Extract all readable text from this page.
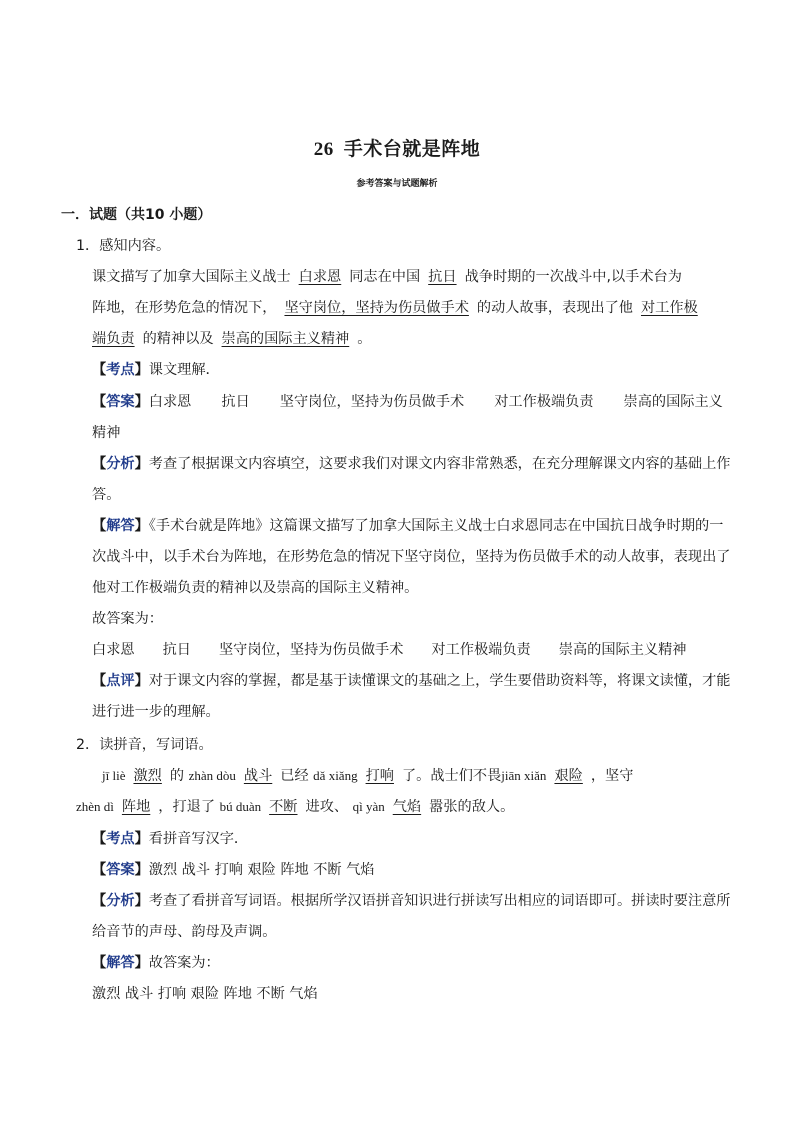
26 手术台就是阵地
参考答案与试题解析
一．试题（共10 小题）
1．感知内容。
课文描写了加拿大国际主义战士 白求恩 同志在中国 抗日 战争时期的一次战斗中,以手术台为
阵地，在形势危急的情况下， 坚守岗位，坚持为伤员做手术 的动人故事，表现出了他 对工作极
端负责 的精神以及 崇高的国际主义精神 。
【考点】课文理解．
【答案】白求恩 抗日 坚守岗位，坚持为伤员做手术 对工作极端负责 崇高的国际主义
精神
【分析】考查了根据课文内容填空，这要求我们对课文内容非常熟悉，在充分理解课文内容的基础上作
答。
【解答】《手术台就是阵地》这篇课文描写了加拿大国际主义战士白求恩同志在中国抗日战争时期的一
次战斗中，以手术台为阵地，在形势危急的情况下坚守岗位，坚持为伤员做手术的动人故事，表现出了
他对工作极端负责的精神以及崇高的国际主义精神。
故答案为：
白求恩 抗日 坚守岗位，坚持为伤员做手术 对工作极端负责 崇高的国际主义精神
【点评】对于课文内容的掌握，都是基于读懂课文的基础之上，学生要借助资料等，将课文读懂，才能
进行进一步的理解。
2．读拼音，写词语。
jī liè 激烈 的 zhàn dòu 战斗 已经 dǎ xiǎng 打响 了。战士们不畏jiān xiǎn 艰险 ，坚守
zhèn dì 阵地 ，打退了 bú duàn 不断 进攻、 qì yàn 气焰 嚣张的敌人。
【考点】看拼音写汉字．
【答案】激烈 战斗 打响 艰险 阵地 不断 气焰
【分析】考查了看拼音写词语。根据所学汉语拼音知识进行拼读写出相应的词语即可。拼读时要注意所
给音节的声母、韵母及声调。
【解答】故答案为：
激烈 战斗 打响 艰险 阵地 不断 气焰
